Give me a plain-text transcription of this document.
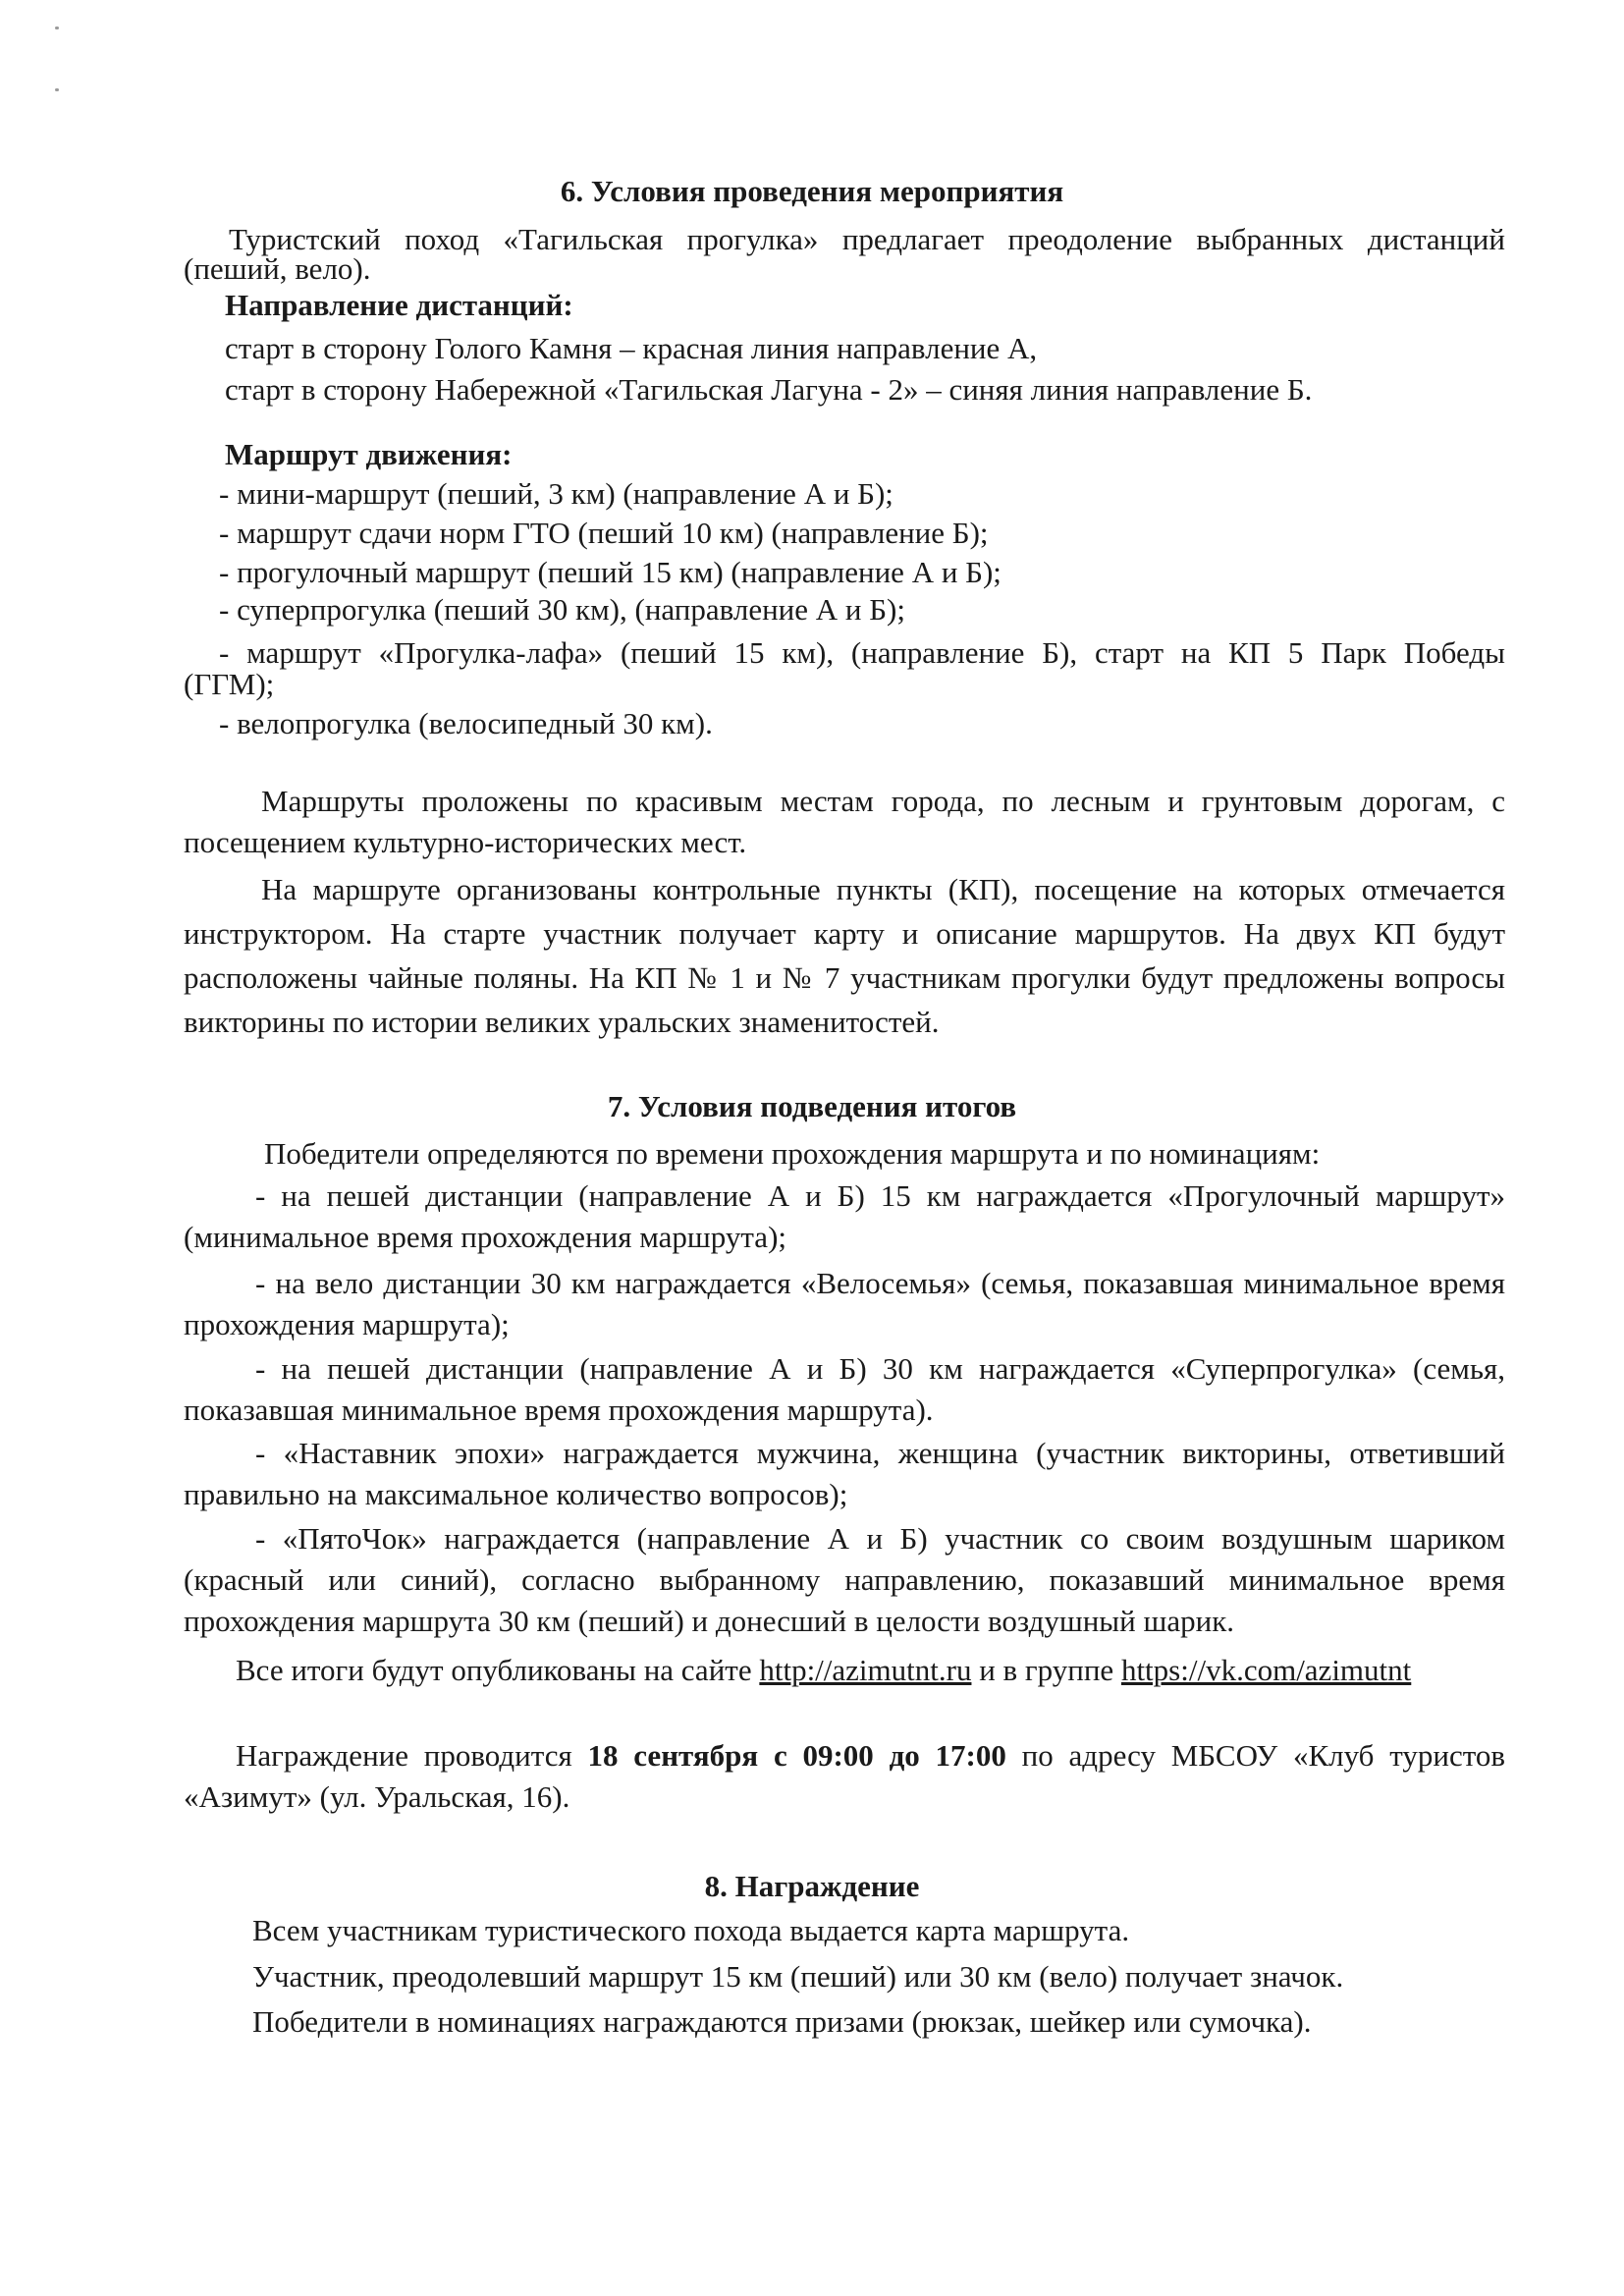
6. Условия проведения мероприятия
Туристский поход «Тагильская прогулка» предлагает преодоление выбранных дистанций
(пеший, вело).
Направление дистанций:
старт в сторону Голого Камня – красная линия направление А,
старт в сторону Набережной «Тагильская Лагуна - 2» – синяя линия направление Б.
Маршрут движения:
- мини-маршрут (пеший, 3 км) (направление А и Б);
- маршрут сдачи норм ГТО (пеший 10 км) (направление Б);
- прогулочный маршрут (пеший 15 км) (направление А и Б);
- суперпрогулка (пеший 30 км), (направление А и Б);
- маршрут «Прогулка-лафа» (пеший 15 км), (направление Б), старт на КП 5 Парк Победы
(ГГМ);
- велопрогулка (велосипедный 30 км).
Маршруты проложены по красивым местам города, по лесным и грунтовым дорогам, с посещением культурно-исторических мест.
На маршруте организованы контрольные пункты (КП), посещение на которых отмечается инструктором. На старте участник получает карту и описание маршрутов. На двух КП будут расположены чайные поляны. На КП № 1 и № 7 участникам прогулки будут предложены вопросы викторины по истории великих уральских знаменитостей.
7. Условия подведения итогов
Победители определяются по времени прохождения маршрута и по номинациям:
- на пешей дистанции (направление А и Б) 15 км награждается «Прогулочный маршрут» (минимальное время прохождения маршрута);
- на вело дистанции 30 км награждается «Велосемья» (семья, показавшая минимальное время прохождения маршрута);
- на пешей дистанции (направление А и Б) 30 км награждается «Суперпрогулка» (семья, показавшая минимальное время прохождения маршрута).
- «Наставник эпохи» награждается мужчина, женщина (участник викторины, ответивший правильно на максимальное количество вопросов);
- «ПятоЧок» награждается (направление А и Б) участник со своим воздушным шариком (красный или синий), согласно выбранному направлению, показавший минимальное время прохождения маршрута 30 км (пеший) и донесший в целости воздушный шарик.
Все итоги будут опубликованы на сайте http://azimutnt.ru и в группе https://vk.com/azimutnt
Награждение проводится 18 сентября с 09:00 до 17:00 по адресу МБСОУ «Клуб туристов «Азимут» (ул. Уральская, 16).
8. Награждение
Всем участникам туристического похода выдается карта маршрута.
Участник, преодолевший маршрут 15 км (пеший) или 30 км (вело) получает значок.
Победители в номинациях награждаются призами (рюкзак, шейкер или сумочка).
